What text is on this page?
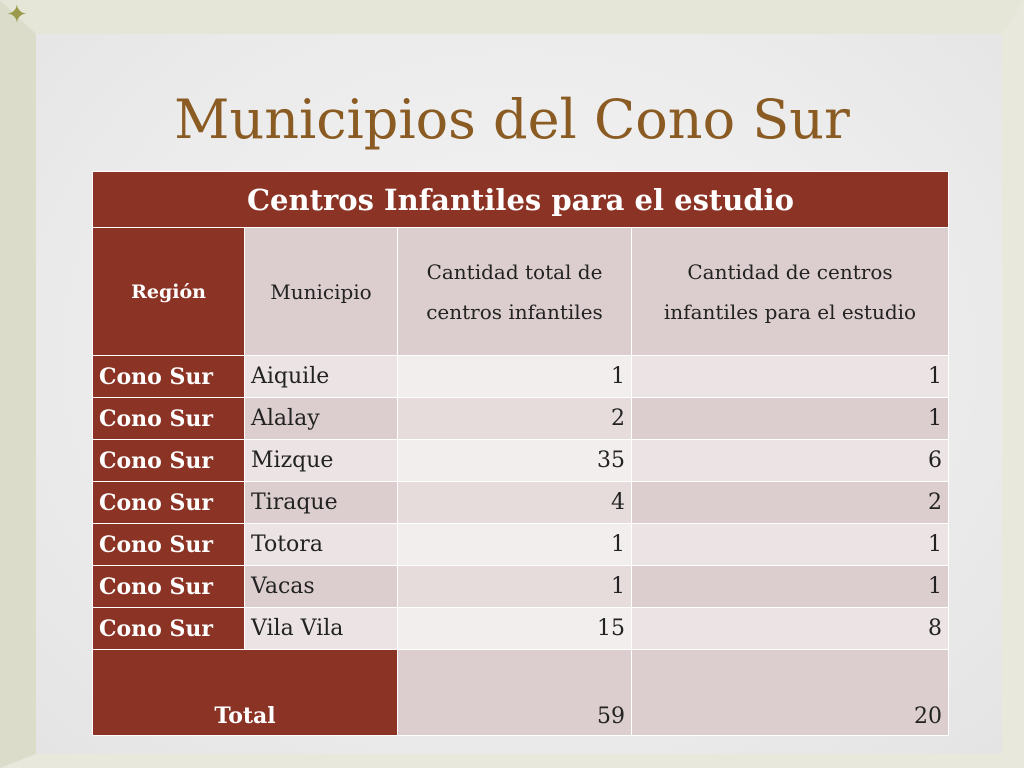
✦
Municipios del Cono Sur
Centros Infantiles para el estudio			
Región	Municipio	Cantidad total de centros infantiles	Cantidad de centros infantiles para el estudio
Cono Sur	Aiquile	1	1
Cono Sur	Alalay	2	1
Cono Sur	Mizque	35	6
Cono Sur	Tiraque	4	2
Cono Sur	Totora	1	1
Cono Sur	Vacas	1	1
Cono Sur	Vila Vila	15	8
Total		59	20
